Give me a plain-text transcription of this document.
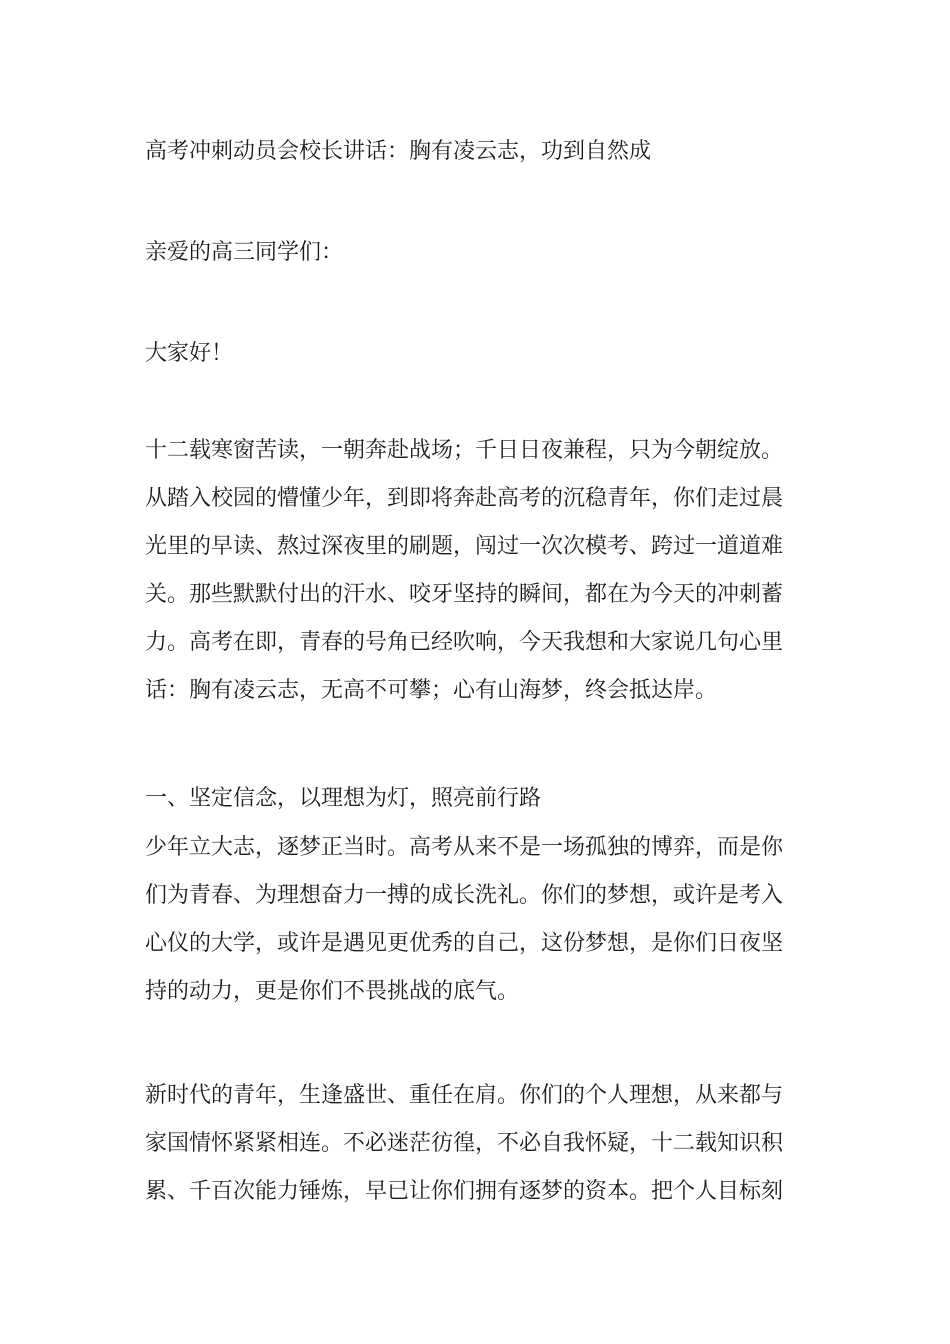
高考冲刺动员会校长讲话：胸有凌云志，功到自然成

亲爱的高三同学们：

大家好！

十二载寒窗苦读，一朝奔赴战场；千日日夜兼程，只为今朝绽放。

从踏入校园的懵懂少年，到即将奔赴高考的沉稳青年，你们走过晨

光里的早读、熬过深夜里的刷题，闯过一次次模考、跨过一道道难

关。那些默默付出的汗水、咬牙坚持的瞬间，都在为今天的冲刺蓄

力。高考在即，青春的号角已经吹响，今天我想和大家说几句心里

话：胸有凌云志，无高不可攀；心有山海梦，终会抵达岸。

一、坚定信念，以理想为灯，照亮前行路

少年立大志，逐梦正当时。高考从来不是一场孤独的博弈，而是你

们为青春、为理想奋力一搏的成长洗礼。你们的梦想，或许是考入

心仪的大学，或许是遇见更优秀的自己，这份梦想，是你们日夜坚

持的动力，更是你们不畏挑战的底气。

新时代的青年，生逢盛世、重任在肩。你们的个人理想，从来都与

家国情怀紧紧相连。不必迷茫彷徨，不必自我怀疑，十二载知识积

累、千百次能力锤炼，早已让你们拥有逐梦的资本。把个人目标刻
